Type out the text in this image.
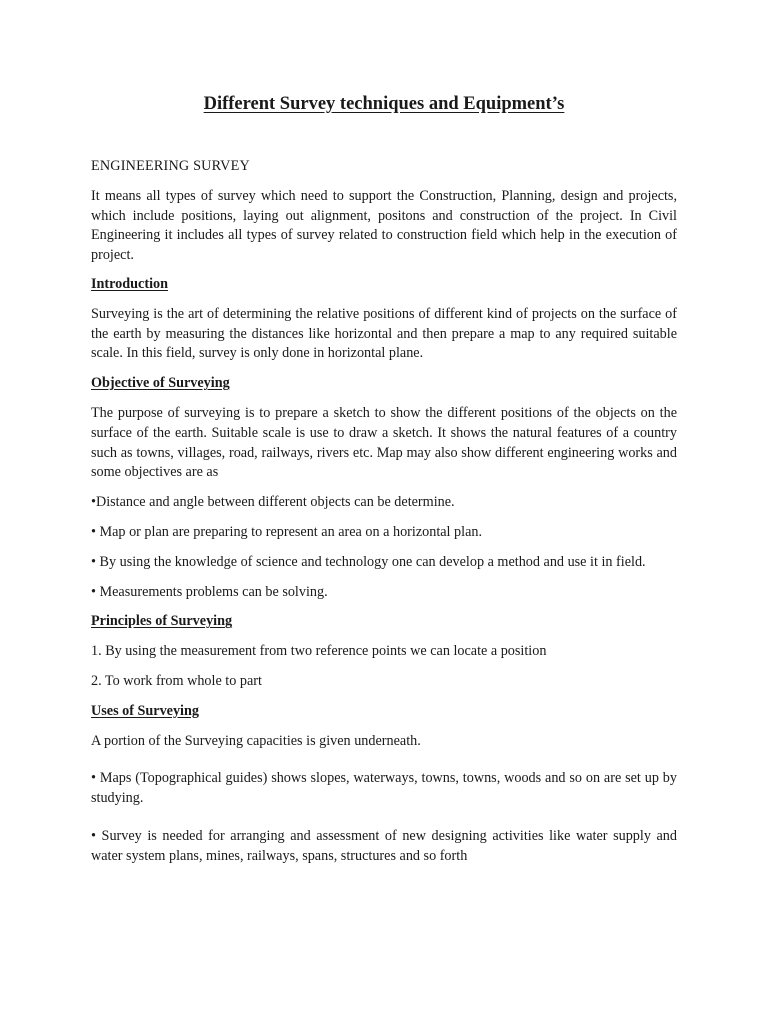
Different Survey techniques and Equipment’s
ENGINEERING SURVEY

It means all types of survey which need to support the Construction, Planning, design and projects, which include positions, laying out alignment, positons and construction of the project. In Civil Engineering it includes all types of survey related to construction field which help in the execution of project.

Introduction

Surveying is the art of determining the relative positions of different kind of projects on the surface of the earth by measuring the distances like horizontal and then prepare a map to any required suitable scale. In this field, survey is only done in horizontal plane.

Objective of Surveying

The purpose of surveying is to prepare a sketch to show the different positions of the objects on the surface of the earth. Suitable scale is use to draw a sketch. It shows the natural features of a country such as towns, villages, road, railways, rivers etc. Map may also show different engineering works and some objectives are as

•Distance and angle between different objects can be determine.

• Map or plan are preparing to represent an area on a horizontal plan.

• By using the knowledge of science and technology one can develop a method and use it in field.

• Measurements problems can be solving.

Principles of Surveying

1. By using the measurement from two reference points we can locate a position

2. To work from whole to part

Uses of Surveying

A portion of the Surveying capacities is given underneath.

• Maps (Topographical guides) shows slopes, waterways, towns, towns, woods and so on are set up by studying.

• Survey is needed for arranging and assessment of new designing activities like water supply and water system plans, mines, railways, spans, structures and so forth
